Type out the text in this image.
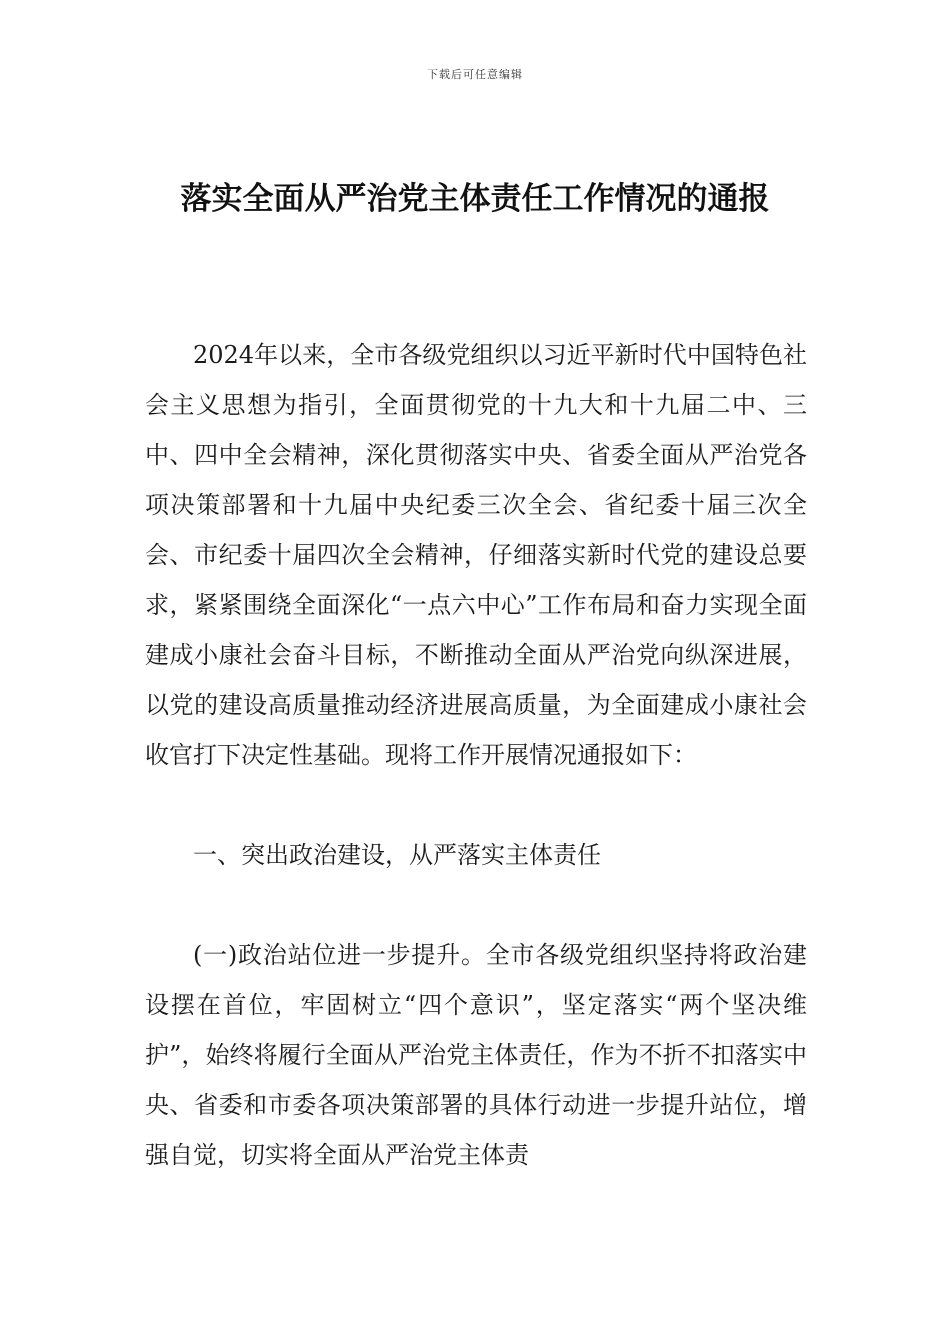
下载后可任意编辑
落实全面从严治党主体责任工作情况的通报

2024年以来，全市各级党组织以习近平新时代中国特色社会主义思想为指引，全面贯彻党的十九大和十九届二中、三中、四中全会精神，深化贯彻落实中央、省委全面从严治党各项决策部署和十九届中央纪委三次全会、省纪委十届三次全会、市纪委十届四次全会精神，仔细落实新时代党的建设总要求，紧紧围绕全面深化“一点六中心”工作布局和奋力实现全面建成小康社会奋斗目标，不断推动全面从严治党向纵深进展，以党的建设高质量推动经济进展高质量，为全面建成小康社会收官打下决定性基础。现将工作开展情况通报如下：

一、突出政治建设，从严落实主体责任

(一)政治站位进一步提升。全市各级党组织坚持将政治建设摆在首位，牢固树立“四个意识”，坚定落实“两个坚决维护”，始终将履行全面从严治党主体责任，作为不折不扣落实中央、省委和市委各项决策部署的具体行动进一步提升站位，增强自觉，切实将全面从严治党主体责
